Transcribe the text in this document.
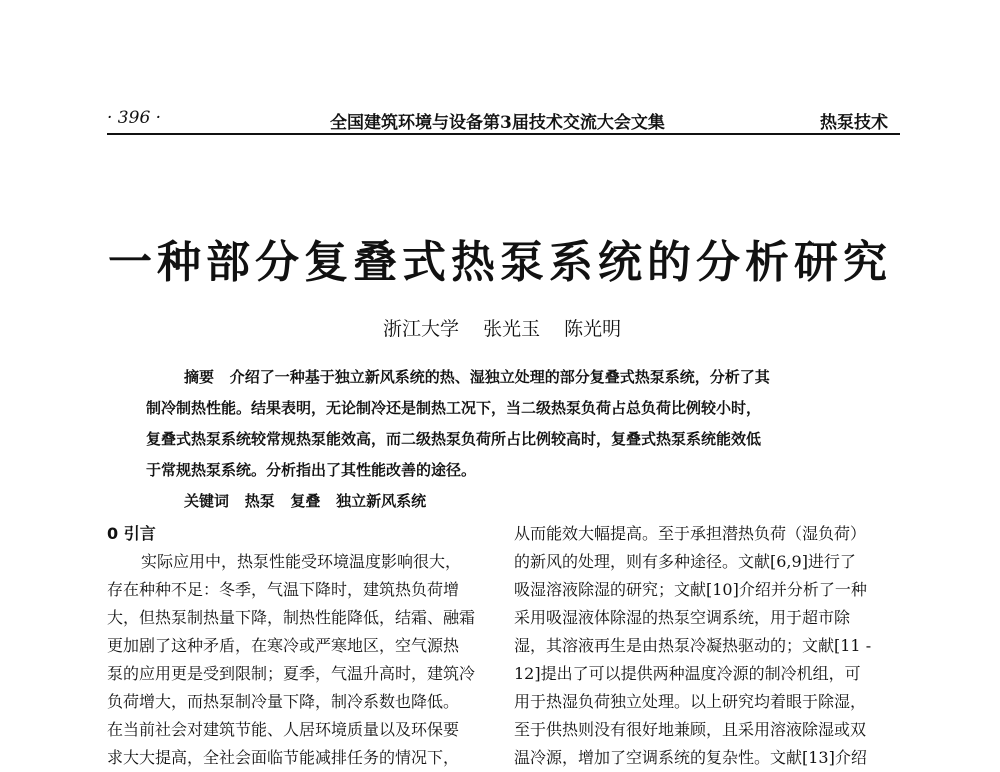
· 396 ·	全国建筑环境与设备第3届技术交流大会文集	热泵技术
一种部分复叠式热泵系统的分析研究
浙江大学 张光玉 陈光明
摘要 介绍了一种基于独立新风系统的热、湿独立处理的部分复叠式热泵系统，分析了其
制冷制热性能。结果表明，无论制冷还是制热工况下，当二级热泵负荷占总负荷比例较小时，
复叠式热泵系统较常规热泵能效高，而二级热泵负荷所占比例较高时，复叠式热泵系统能效低
于常规热泵系统。分析指出了其性能改善的途径。
关键词 热泵 复叠 独立新风系统
0 引言
实际应用中，热泵性能受环境温度影响很大，
存在种种不足：冬季，气温下降时，建筑热负荷增
大，但热泵制热量下降，制热性能降低，结霜、融霜
更加剧了这种矛盾，在寒冷或严寒地区，空气源热
泵的应用更是受到限制；夏季，气温升高时，建筑冷
负荷增大，而热泵制冷量下降，制冷系数也降低。
在当前社会对建筑节能、人居环境质量以及环保要
求大大提高，全社会面临节能减排任务的情况下，
从而能效大幅提高。至于承担潜热负荷（湿负荷）
的新风的处理，则有多种途径。文献[6,9]进行了
吸湿溶液除湿的研究；文献[10]介绍并分析了一种
采用吸湿液体除湿的热泵空调系统，用于超市除
湿，其溶液再生是由热泵冷凝热驱动的；文献[11 -
12]提出了可以提供两种温度冷源的制冷机组，可
用于热湿负荷独立处理。以上研究均着眼于除湿，
至于供热则没有很好地兼顾，且采用溶液除湿或双
温冷源，增加了空调系统的复杂性。文献[13]介绍
